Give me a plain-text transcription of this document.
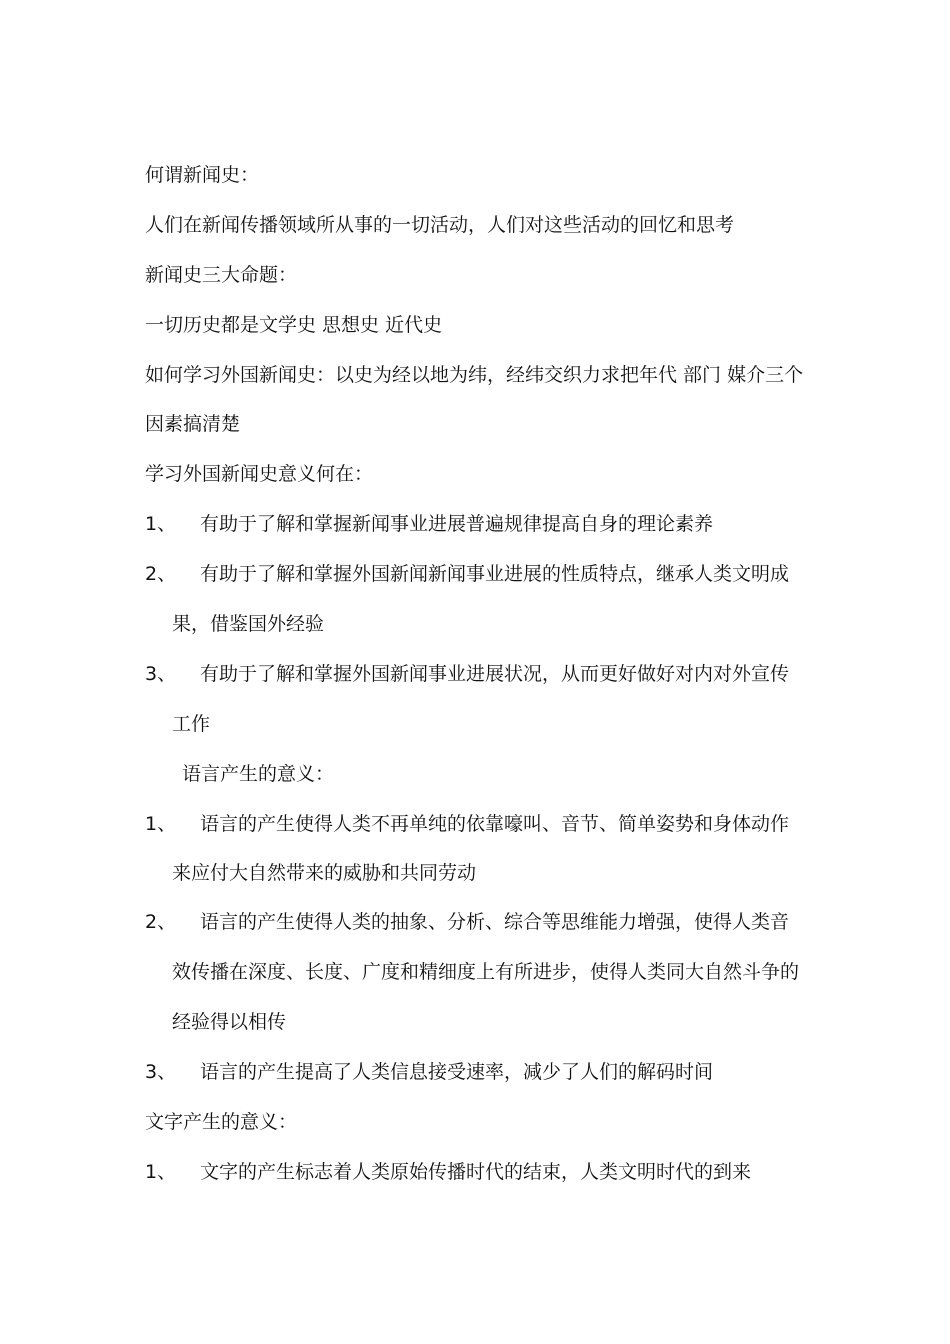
何谓新闻史：
人们在新闻传播领域所从事的一切活动，人们对这些活动的回忆和思考
新闻史三大命题：
一切历史都是文学史 思想史 近代史
如何学习外国新闻史：以史为经以地为纬，经纬交织力求把年代 部门 媒介三个
因素搞清楚
学习外国新闻史意义何在：
1、 有助于了解和掌握新闻事业进展普遍规律提高自身的理论素养
2、 有助于了解和掌握外国新闻新闻事业进展的性质特点，继承人类文明成
果，借鉴国外经验
3、 有助于了解和掌握外国新闻事业进展状况，从而更好做好对内对外宣传
工作
语言产生的意义：
1、 语言的产生使得人类不再单纯的依靠嚎叫、音节、简单姿势和身体动作
来应付大自然带来的威胁和共同劳动
2、 语言的产生使得人类的抽象、分析、综合等思维能力增强，使得人类音
效传播在深度、长度、广度和精细度上有所进步，使得人类同大自然斗争的
经验得以相传
3、 语言的产生提高了人类信息接受速率，减少了人们的解码时间
文字产生的意义：
1、 文字的产生标志着人类原始传播时代的结束，人类文明时代的到来
